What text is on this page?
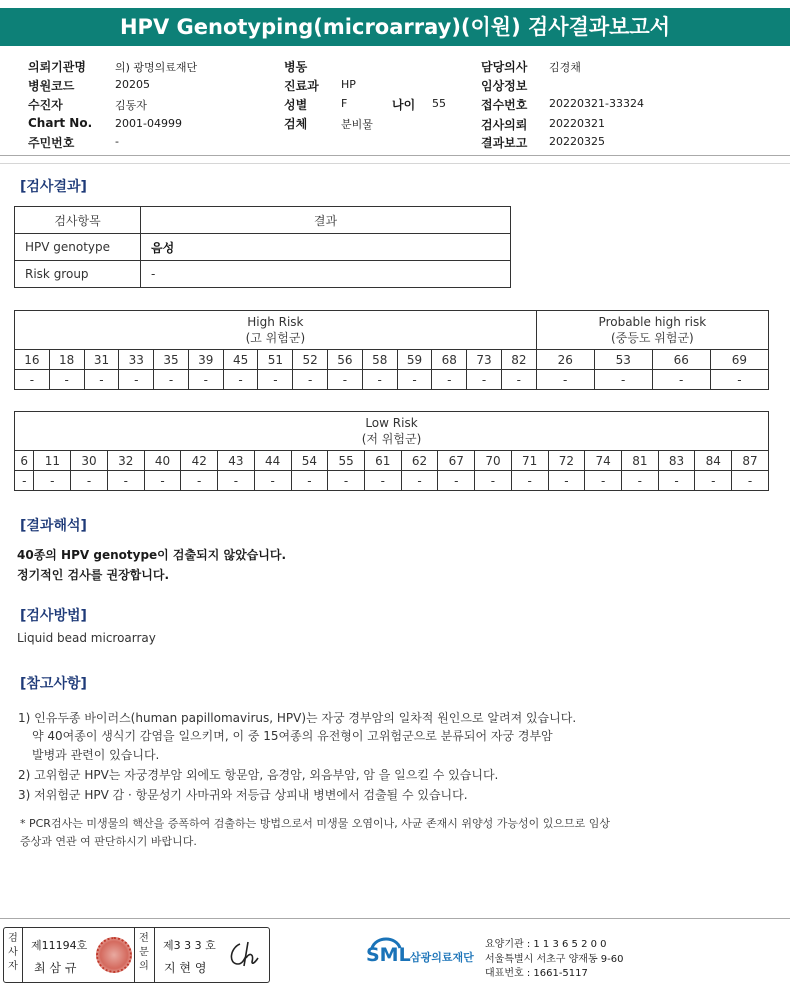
HPV Genotyping(microarray)(이원) 검사결과보고서
의뢰기관명	의) 광명의료재단
병원코드	20205
수진자	김동자
Chart No. 2001-04999
주민번호	-
병동
진료과 HP
성별	F	나이 55
검체	분비물
담당의사 김경채
임상정보
접수번호 20220321-33324
검사의뢰 20220321
결과보고 20220325
[검사결과]
검사항목	결과
HPV genotype	음성
Risk group	-
High Risk
(고 위험군)															Probable high risk
(중등도 위험군)			
16	18	31	33	35	39	45	51	52	56	58	59	68	73	82	26	53	66	69
-	-	-	-	-	-	-	-	-	-	-	-	-	-	-	-	-	-	-
Low Risk
(저 위험군)																				
6	11	30	32	40	42	43	44	54	55	61	62	67	70	71	72	74	81	83	84	87
-	-	-	-	-	-	-	-	-	-	-	-	-	-	-	-	-	-	-	-	-
[결과해석]
40종의 HPV genotype이 검출되지 않았습니다.
정기적인 검사를 권장합니다.
[검사방법]
Liquid bead microarray
[참고사항]
1) 인유두종 바이러스(human papillomavirus, HPV)는 자궁 경부암의 일차적 원인으로 알려져 있습니다.
약 40여종이 생식기 감염을 일으키며, 이 중 15여종의 유전형이 고위험군으로 분류되어 자궁 경부암
발병과 관련이 있습니다.
2) 고위험군 HPV는 자궁경부암 외에도 항문암, 음경암, 외음부암, 암 을 일으킬 수 있습니다.
3) 저위험군 HPV 감 · 항문성기 사마귀와 저등급 상피내 병변에서 검출될 수 있습니다.
* PCR검사는 미생물의 핵산을 증폭하여 검출하는 방법으로서 미생물 오염이나, 사균 존재시 위양성 가능성이 있으므로 임상
증상과 연관 여 판단하시기 바랍니다.
검사자
제11194호
최 삼 규
전문의
제3 3 3 호
지 현 영
SML 삼광의료재단
요양기관 : 1 1 3 6 5 2 0 0
서울특별시 서초구 양재동 9-60
대표번호 : 1661-5117
